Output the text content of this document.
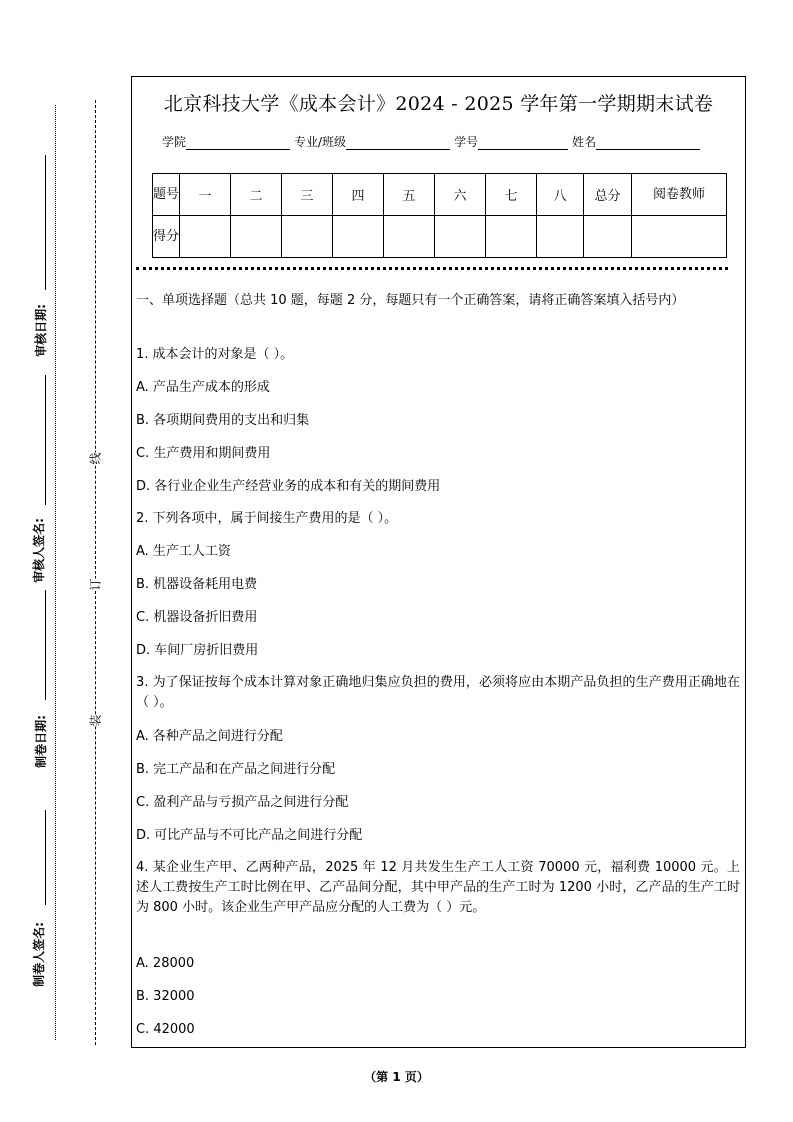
审核日期:
审核人签名:
制卷日期:
制卷人签名:
线
订
装
北京科技大学《成本会计》2024 - 2025 学年第一学期期末试卷
学院	专业/班级	学号	姓名
题号	一	二	三	四	五	六	七	八	总分	阅卷教师
得分										
一、单项选择题（总共 10 题，每题 2 分，每题只有一个正确答案，请将正确答案填入括号内）
1. 成本会计的对象是（ ）。
A. 产品生产成本的形成
B. 各项期间费用的支出和归集
C. 生产费用和期间费用
D. 各行业企业生产经营业务的成本和有关的期间费用
2. 下列各项中，属于间接生产费用的是（ ）。
A. 生产工人工资
B. 机器设备耗用电费
C. 机器设备折旧费用
D. 车间厂房折旧费用
3. 为了保证按每个成本计算对象正确地归集应负担的费用，必须将应由本期产品负担的生产费用正确地在（ ）。
A. 各种产品之间进行分配
B. 完工产品和在产品之间进行分配
C. 盈利产品与亏损产品之间进行分配
D. 可比产品与不可比产品之间进行分配
4. 某企业生产甲、乙两种产品，2025 年 12 月共发生生产工人工资 70000 元，福利费 10000 元。上述人工费按生产工时比例在甲、乙产品间分配，其中甲产品的生产工时为 1200 小时，乙产品的生产工时为 800 小时。该企业生产甲产品应分配的人工费为（ ）元。
A. 28000
B. 32000
C. 42000
（第 1 页）
